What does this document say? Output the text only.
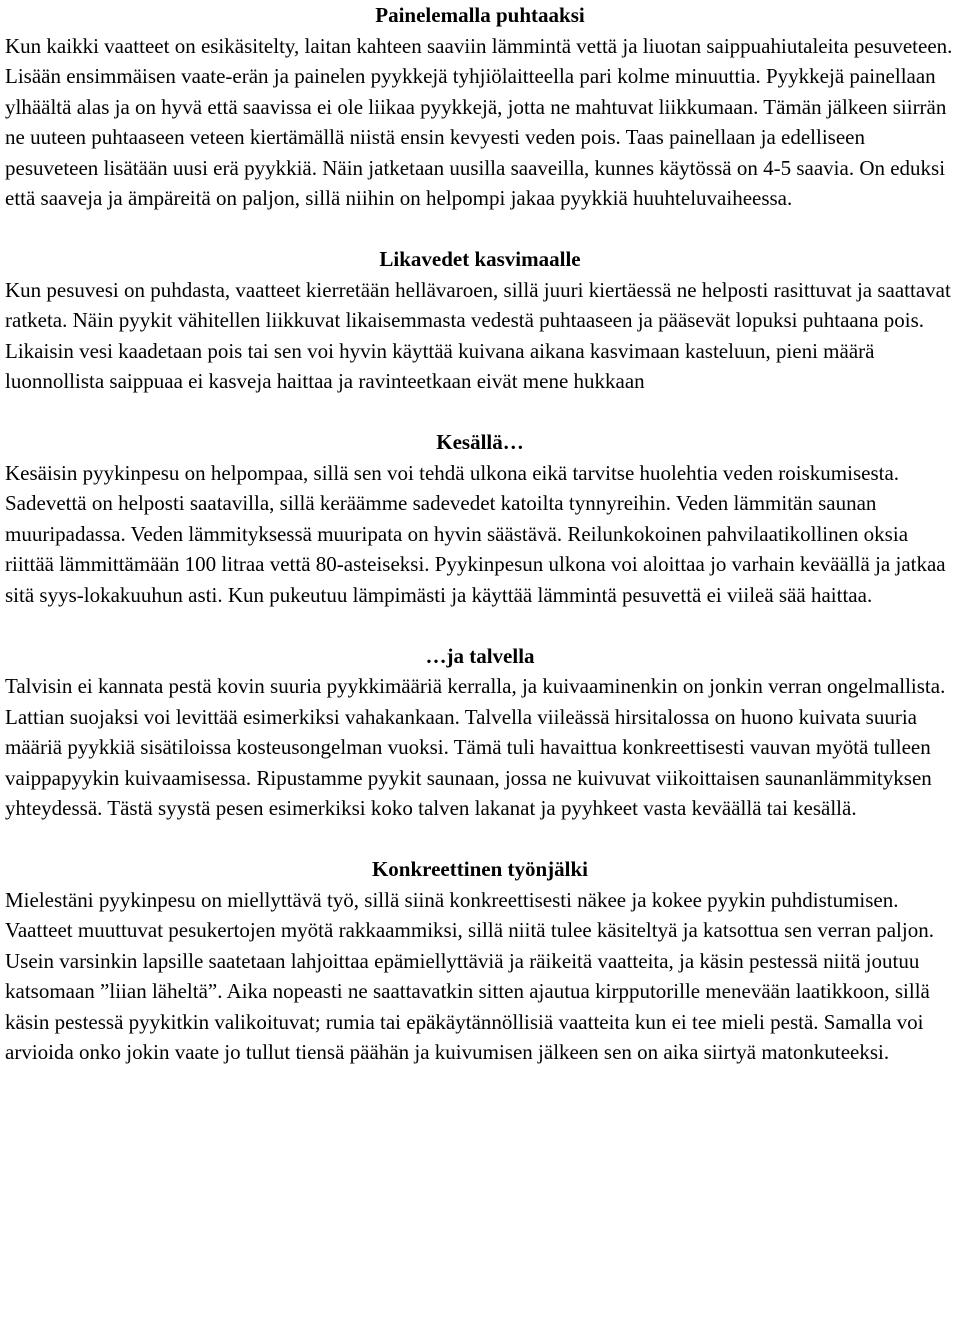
Painelemalla puhtaaksi

Kun kaikki vaatteet on esikäsitelty, laitan kahteen saaviin lämmintä vettä ja liuotan saippuahiutaleita pesuveteen. Lisään ensimmäisen vaate-erän ja painelen pyykkejä tyhjiölaitteella pari kolme minuuttia. Pyykkejä painellaan ylhäältä alas ja on hyvä että saavissa ei ole liikaa pyykkejä, jotta ne mahtuvat liikkumaan. Tämän jälkeen siirrän ne uuteen puhtaaseen veteen kiertämällä niistä ensin kevyesti veden pois. Taas painellaan ja edelliseen pesuveteen lisätään uusi erä pyykkiä. Näin jatketaan uusilla saaveilla, kunnes käytössä on 4-5 saavia. On eduksi että saaveja ja ämpäreitä on paljon, sillä niihin on helpompi jakaa pyykkiä huuhteluvaiheessa.

Likavedet kasvimaalle

Kun pesuvesi on puhdasta, vaatteet kierretään hellävaroen, sillä juuri kiertäessä ne helposti rasittuvat ja saattavat ratketa. Näin pyykit vähitellen liikkuvat likaisemmasta vedestä puhtaaseen ja pääsevät lopuksi puhtaana pois. Likaisin vesi kaadetaan pois tai sen voi hyvin käyttää kuivana aikana kasvimaan kasteluun, pieni määrä luonnollista saippuaa ei kasveja haittaa ja ravinteetkaan eivät mene hukkaan

Kesällä…

Kesäisin pyykinpesu on helpompaa, sillä sen voi tehdä ulkona eikä tarvitse huolehtia veden roiskumisesta. Sadevettä on helposti saatavilla, sillä keräämme sadevedet katoilta tynnyreihin. Veden lämmitän saunan muuripadassa. Veden lämmityksessä muuripata on hyvin säästävä. Reilunkokoinen pahvilaatikollinen oksia riittää lämmittämään 100 litraa vettä 80-asteiseksi. Pyykinpesun ulkona voi aloittaa jo varhain keväällä ja jatkaa sitä syys-lokakuuhun asti. Kun pukeutuu lämpimästi ja käyttää lämmintä pesuvettä ei viileä sää haittaa.

…ja talvella

Talvisin ei kannata pestä kovin suuria pyykkimääriä kerralla, ja kuivaaminenkin on jonkin verran ongelmallista. Lattian suojaksi voi levittää esimerkiksi vahakankaan. Talvella viileässä hirsitalossa on huono kuivata suuria määriä pyykkiä sisätiloissa kosteusongelman vuoksi. Tämä tuli havaittua konkreettisesti vauvan myötä tulleen vaippapyykin kuivaamisessa. Ripustamme pyykit saunaan, jossa ne kuivuvat viikoittaisen saunanlämmityksen yhteydessä. Tästä syystä pesen esimerkiksi koko talven lakanat ja pyyhkeet vasta keväällä tai kesällä.

Konkreettinen työnjälki

Mielestäni pyykinpesu on miellyttävä työ, sillä siinä konkreettisesti näkee ja kokee pyykin puhdistumisen. Vaatteet muuttuvat pesukertojen myötä rakkaammiksi, sillä niitä tulee käsiteltyä ja katsottua sen verran paljon. Usein varsinkin lapsille saatetaan lahjoittaa epämiellyttäviä ja räikeitä vaatteita, ja käsin pestessä niitä joutuu katsomaan ”liian läheltä”. Aika nopeasti ne saattavatkin sitten ajautua kirpputorille menevään laatikkoon, sillä käsin pestessä pyykitkin valikoituvat; rumia tai epäkäytännöllisiä vaatteita kun ei tee mieli pestä. Samalla voi arvioida onko jokin vaate jo tullut tiensä päähän ja kuivumisen jälkeen sen on aika siirtyä matonkuteeksi.
